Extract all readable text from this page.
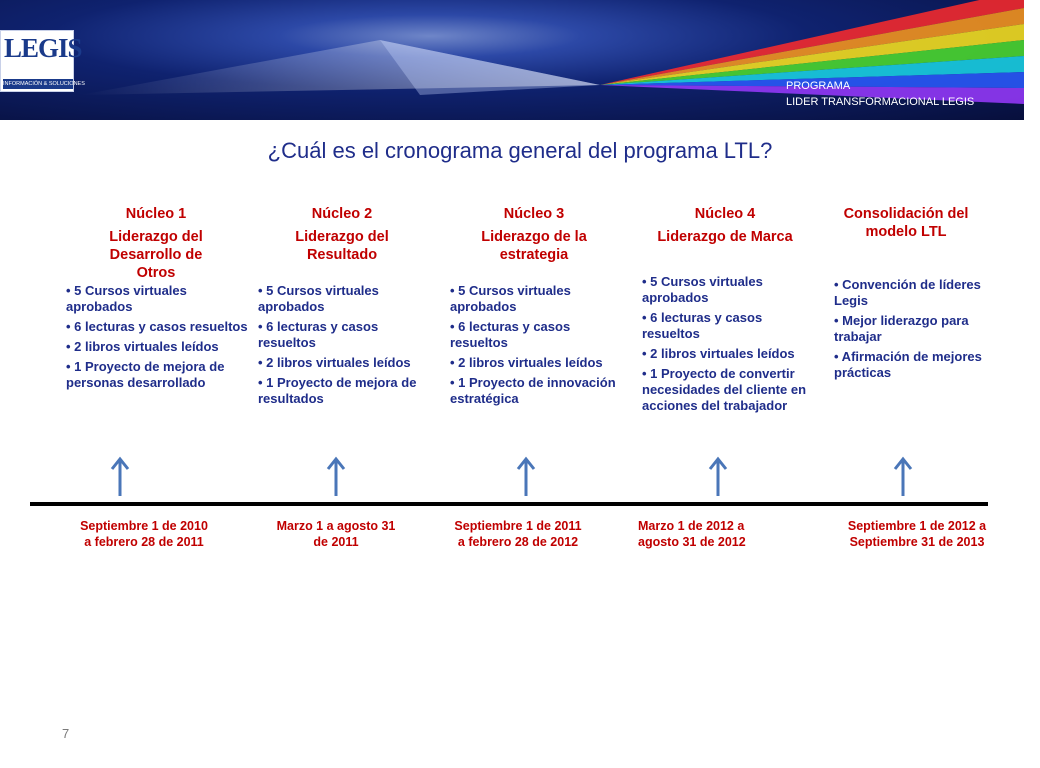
LEGIS
INFORMACIÓN & SOLUCIONES	PROGRAMA
LIDER TRANSFORMACIONAL LEGIS
¿Cuál es el cronograma general del programa LTL?
Núcleo 1
Liderazgo del Desarrollo de Otros
• 5 Cursos virtuales aprobados
• 6 lecturas y casos resueltos
• 2 libros virtuales leídos
• 1 Proyecto de mejora de personas desarrollado
Núcleo 2
Liderazgo del Resultado
• 5 Cursos virtuales aprobados
• 6 lecturas y casos resueltos
• 2 libros virtuales leídos
• 1 Proyecto de mejora de resultados
Núcleo 3
Liderazgo de la estrategia
• 5 Cursos virtuales aprobados
• 6 lecturas y casos resueltos
• 2 libros virtuales leídos
• 1 Proyecto de innovación estratégica
Núcleo 4
Liderazgo de Marca
• 5 Cursos virtuales aprobados
• 6 lecturas y casos resueltos
• 2 libros virtuales leídos
• 1 Proyecto de convertir necesidades del cliente en acciones del trabajador
Consolidación del modelo LTL
• Convención de líderes Legis
• Mejor liderazgo para trabajar
• Afirmación de mejores prácticas
Septiembre 1 de 2010 a febrero 28 de 2011
Marzo 1 a agosto 31 de 2011
Septiembre 1 de 2011 a febrero 28 de 2012
Marzo 1 de 2012 a agosto 31 de 2012
Septiembre 1 de 2012 a Septiembre 31 de 2013
7
